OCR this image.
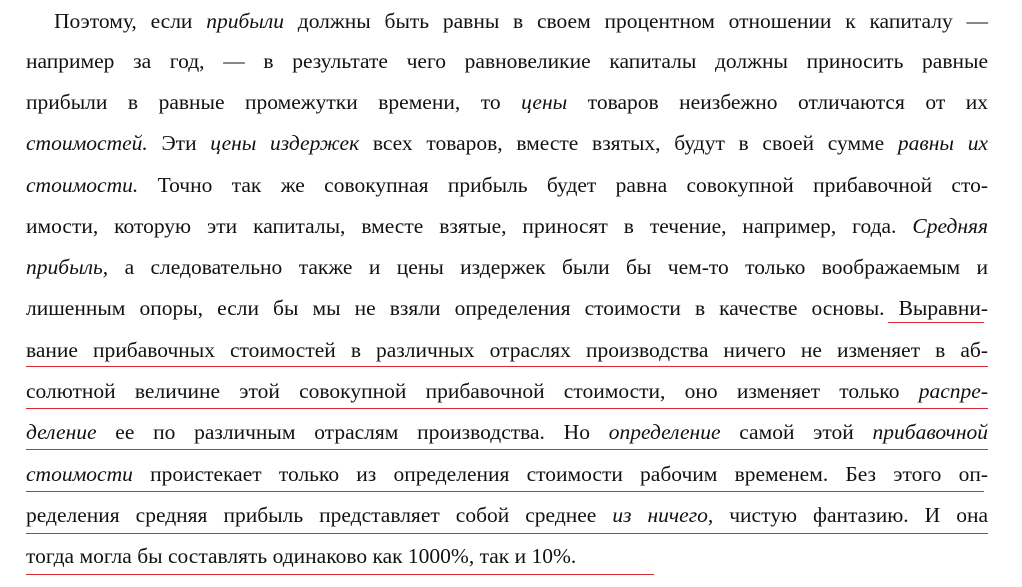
Поэтому, если прибыли должны быть равны в своем процентном отношении к капиталу —
например за год, — в результате чего равновеликие капиталы должны приносить равные
прибыли в равные промежутки времени, то цены товаров неизбежно отличаются от их
стоимостей. Эти цены издержек всех товаров, вместе взятых, будут в своей сумме равны их
стоимости. Точно так же совокупная прибыль будет равна совокупной прибавочной сто-
имости, которую эти капиталы, вместе взятые, приносят в течение, например, года. Средняя
прибыль, а следовательно также и цены издержек были бы чем-то только воображаемым и
лишенным опоры, если бы мы не взяли определения стоимости в качестве основы. Выравни-
вание прибавочных стоимостей в различных отраслях производства ничего не изменяет в аб-
солютной величине этой совокупной прибавочной стоимости, оно изменяет только распре-
деление ее по различным отраслям производства. Но определение самой этой прибавочной
стоимости проистекает только из определения стоимости рабочим временем. Без этого оп-
ределения средняя прибыль представляет собой среднее из ничего, чистую фантазию. И она
тогда могла бы составлять одинаково как 1000%, так и 10%.
